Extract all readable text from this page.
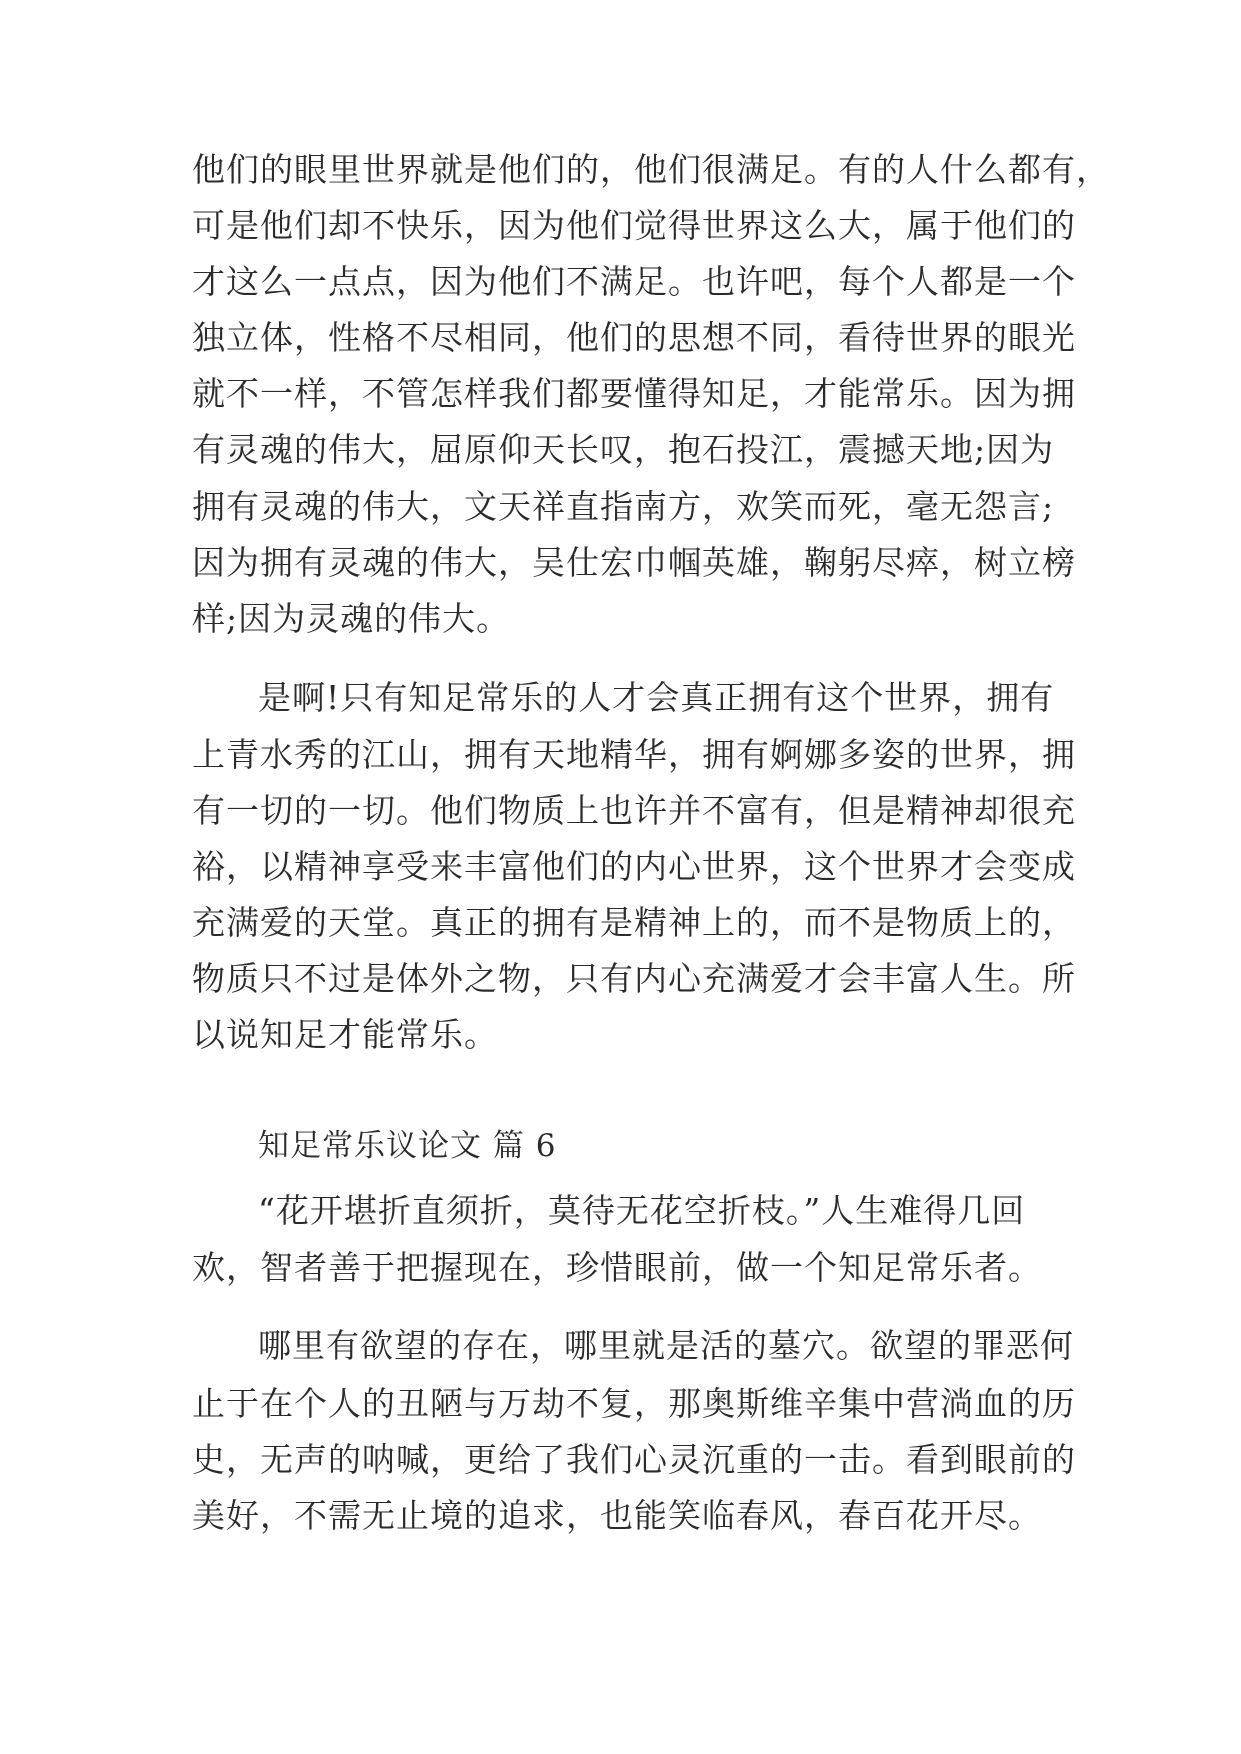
他们的眼里世界就是他们的，他们很满足。有的人什么都有，
可是他们却不快乐，因为他们觉得世界这么大，属于他们的
才这么一点点，因为他们不满足。也许吧，每个人都是一个
独立体，性格不尽相同，他们的思想不同，看待世界的眼光
就不一样，不管怎样我们都要懂得知足，才能常乐。因为拥
有灵魂的伟大，屈原仰天长叹，抱石投江，震撼天地;因为
拥有灵魂的伟大，文天祥直指南方，欢笑而死，毫无怨言;
因为拥有灵魂的伟大，吴仕宏巾帼英雄，鞠躬尽瘁，树立榜
样;因为灵魂的伟大。
是啊!只有知足常乐的人才会真正拥有这个世界，拥有
上青水秀的江山，拥有天地精华，拥有婀娜多姿的世界，拥
有一切的一切。他们物质上也许并不富有，但是精神却很充
裕，以精神享受来丰富他们的内心世界，这个世界才会变成
充满爱的天堂。真正的拥有是精神上的，而不是物质上的，
物质只不过是体外之物，只有内心充满爱才会丰富人生。所
以说知足才能常乐。
知足常乐议论文 篇 6
“花开堪折直须折，莫待无花空折枝。”人生难得几回
欢，智者善于把握现在，珍惜眼前，做一个知足常乐者。
哪里有欲望的存在，哪里就是活的墓穴。欲望的罪恶何
止于在个人的丑陋与万劫不复，那奥斯维辛集中营淌血的历
史，无声的呐喊，更给了我们心灵沉重的一击。看到眼前的
美好，不需无止境的追求，也能笑临春风，春百花开尽。
